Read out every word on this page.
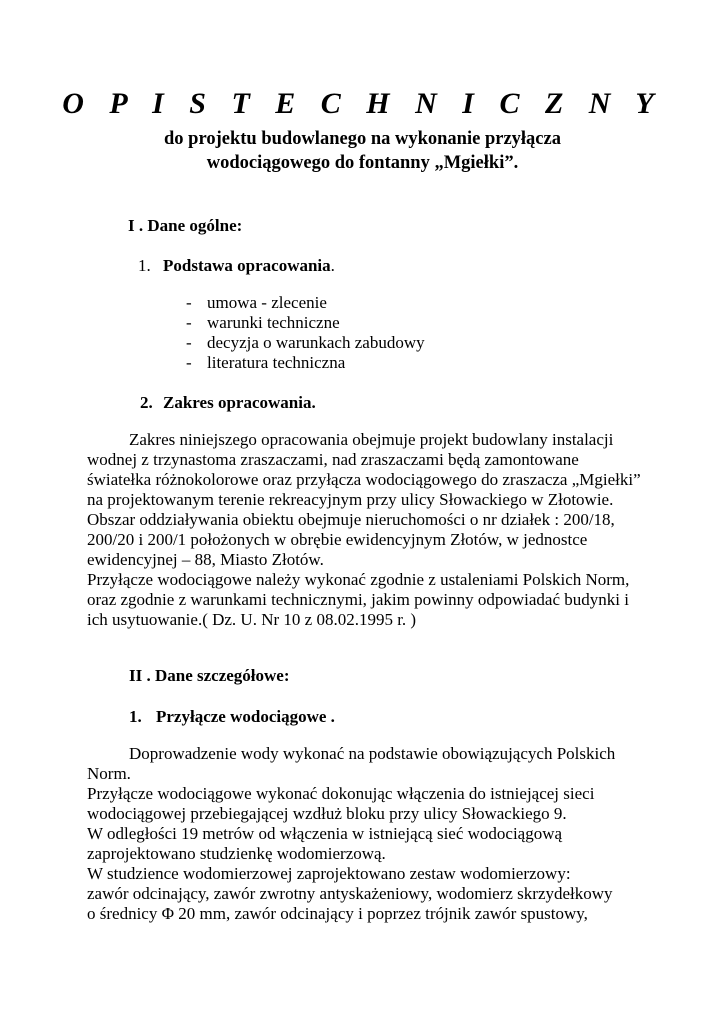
O P I S T E C H N I C Z N Y
do projektu budowlanego na wykonanie przyłącza
wodociągowego do fontanny „Mgiełki”.
I . Dane ogólne:
1. Podstawa opracowania.
- umowa - zlecenie
- warunki techniczne
- decyzja o warunkach zabudowy
- literatura techniczna
2. Zakres opracowania.
Zakres niniejszego opracowania obejmuje projekt budowlany instalacji
wodnej z trzynastoma zraszaczami, nad zraszaczami będą zamontowane
światełka różnokolorowe oraz przyłącza wodociągowego do zraszacza „Mgiełki”
na projektowanym terenie rekreacyjnym przy ulicy Słowackiego w Złotowie.
Obszar oddziaływania obiektu obejmuje nieruchomości o nr działek : 200/18,
200/20 i 200/1 położonych w obrębie ewidencyjnym Złotów, w jednostce
ewidencyjnej – 88, Miasto Złotów.
Przyłącze wodociągowe należy wykonać zgodnie z ustaleniami Polskich Norm,
oraz zgodnie z warunkami technicznymi, jakim powinny odpowiadać budynki i
ich usytuowanie.( Dz. U. Nr 10 z 08.02.1995 r. )
II . Dane szczegółowe:
1. Przyłącze wodociągowe .
Doprowadzenie wody wykonać na podstawie obowiązujących Polskich
Norm.
Przyłącze wodociągowe wykonać dokonując włączenia do istniejącej sieci
wodociągowej przebiegającej wzdłuż bloku przy ulicy Słowackiego 9.
W odległości 19 metrów od włączenia w istniejącą sieć wodociągową
zaprojektowano studzienkę wodomierzową.
W studzience wodomierzowej zaprojektowano zestaw wodomierzowy:
zawór odcinający, zawór zwrotny antyskażeniowy, wodomierz skrzydełkowy
o średnicy Φ 20 mm, zawór odcinający i poprzez trójnik zawór spustowy,
